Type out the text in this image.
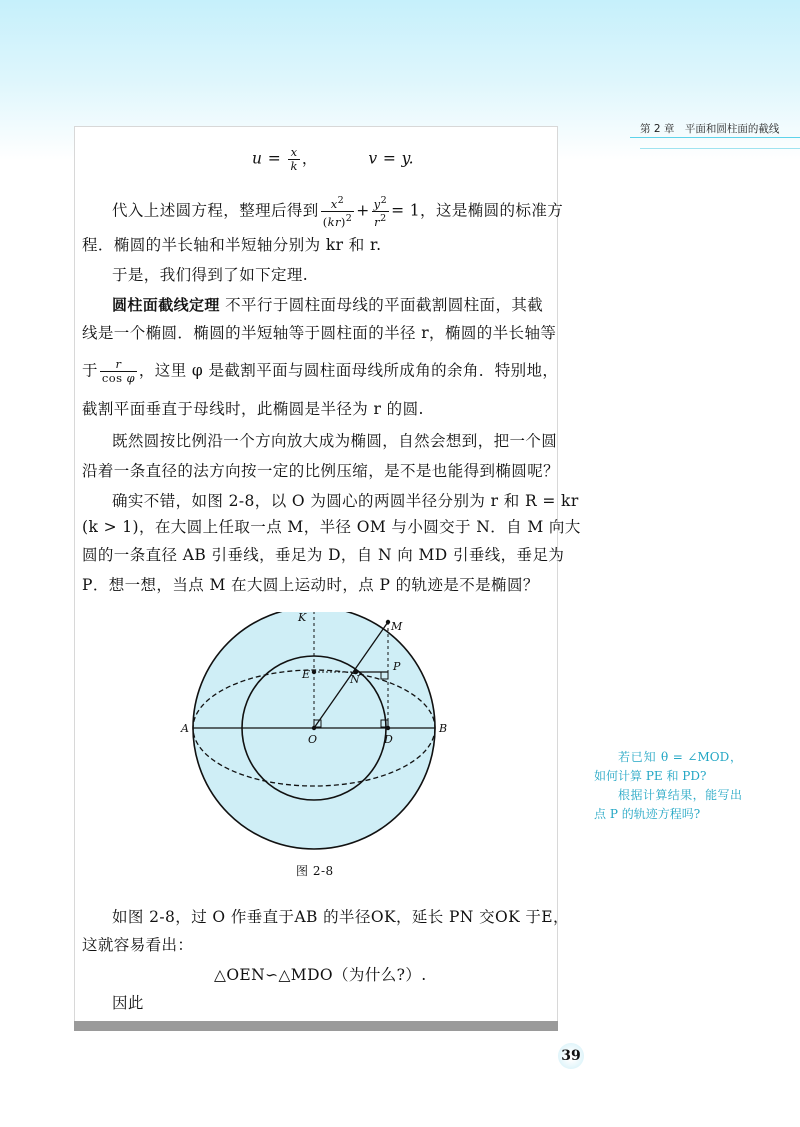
第 2 章　平面和圆柱面的截线
$u = \frac{x}{k}$ ，	v = y.
代入上述圆方程，整理后得到 $\frac{x^2}{(kr)^2} + \frac{y^2}{r^2} = 1$，这是椭圆的标准方
程．椭圆的半长轴和半短轴分别为 kr 和 r.
于是，我们得到了如下定理.
圆柱面截线定理 不平行于圆柱面母线的平面截割圆柱面，其截
线是一个椭圆．椭圆的半短轴等于圆柱面的半径 r，椭圆的半长轴等
于 $\frac{r}{\text{cos φ}}$ ，这里 φ 是截割平面与圆柱面母线所成角的余角．特别地，
截割平面垂直于母线时，此椭圆是半径为 r 的圆.
既然圆按比例沿一个方向放大成为椭圆，自然会想到，把一个圆
沿着一条直径的法方向按一定的比例压缩，是不是也能得到椭圆呢？
确实不错，如图 2-8，以 O 为圆心的两圆半径分别为 r 和 R = kr
(k > 1)，在大圆上任取一点 M，半径 OM 与小圆交于 N．自 M 向大
圆的一条直径 AB 引垂线，垂足为 D，自 N 向 MD 引垂线，垂足为
P．想一想，当点 M 在大圆上运动时，点 P 的轨迹是不是椭圆？
K
M
P
E	N
A	B
O	D
图 2-8
如图 2-8，过 O 作垂直于AB 的半径OK，延长 PN 交OK 于E，
这就容易看出：
△OEN∽△MDO（为什么?）.
因此

若已知 θ = ∠MOD，如何计算 PE 和 PD?

根据计算结果，能写出点 P 的轨迹方程吗?

39
